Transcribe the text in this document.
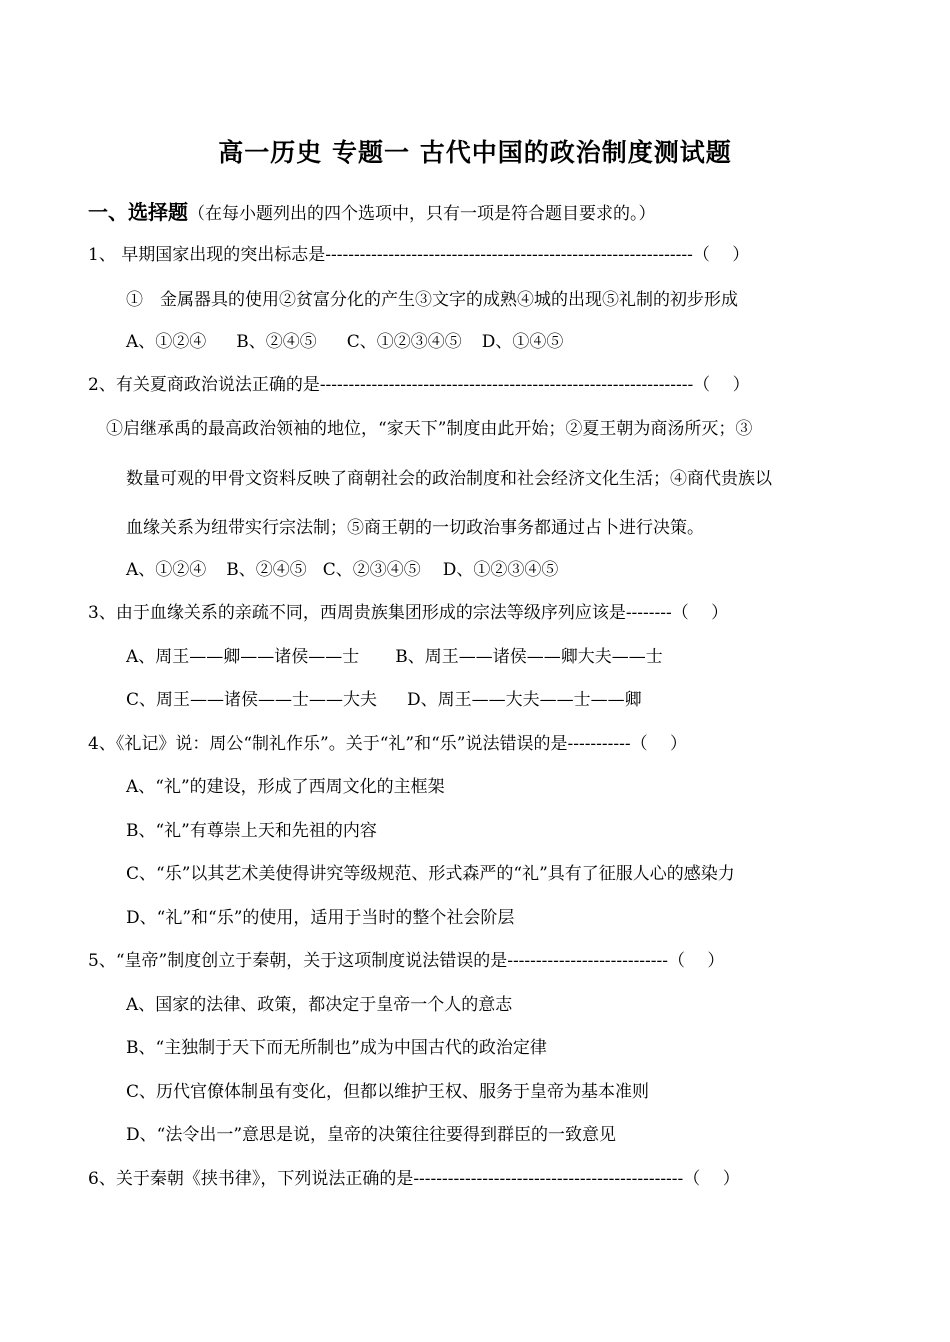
高一历史 专题一 古代中国的政治制度测试题
一、选择题（在每小题列出的四个选项中，只有一项是符合题目要求的。）
1、 早期国家出现的突出标志是----------------------------------------------------------------（　 ）
①　金属器具的使用②贫富分化的产生③文字的成熟④城的出现⑤礼制的初步形成
A、①②④ B、②④⑤ C、①②③④⑤ D、①④⑤
2、有关夏商政治说法正确的是-----------------------------------------------------------------（　 ）
①启继承禹的最高政治领袖的地位，“家天下”制度由此开始；②夏王朝为商汤所灭；③
数量可观的甲骨文资料反映了商朝社会的政治制度和社会经济文化生活；④商代贵族以
血缘关系为纽带实行宗法制；⑤商王朝的一切政治事务都通过占卜进行决策。
A、①②④ B、②④⑤ C、②③④⑤ D、①②③④⑤
3、由于血缘关系的亲疏不同，西周贵族集团形成的宗法等级序列应该是--------（　 ）
A、周王——卿——诸侯——士 B、周王——诸侯——卿大夫——士
C、周王——诸侯——士——大夫 D、周王——大夫——士——卿
4、《礼记》说：周公“制礼作乐”。关于“礼”和“乐”说法错误的是-----------（　 ）
A、“礼”的建设，形成了西周文化的主框架
B、“礼”有尊崇上天和先祖的内容
C、“乐”以其艺术美使得讲究等级规范、形式森严的“礼”具有了征服人心的感染力
D、“礼”和“乐”的使用，适用于当时的整个社会阶层
5、“皇帝”制度创立于秦朝，关于这项制度说法错误的是----------------------------（　 ）
A、国家的法律、政策，都决定于皇帝一个人的意志
B、“主独制于天下而无所制也”成为中国古代的政治定律
C、历代官僚体制虽有变化，但都以维护王权、服务于皇帝为基本准则
D、“法令出一”意思是说，皇帝的决策往往要得到群臣的一致意见
6、关于秦朝《挟书律》，下列说法正确的是-----------------------------------------------（　 ）
